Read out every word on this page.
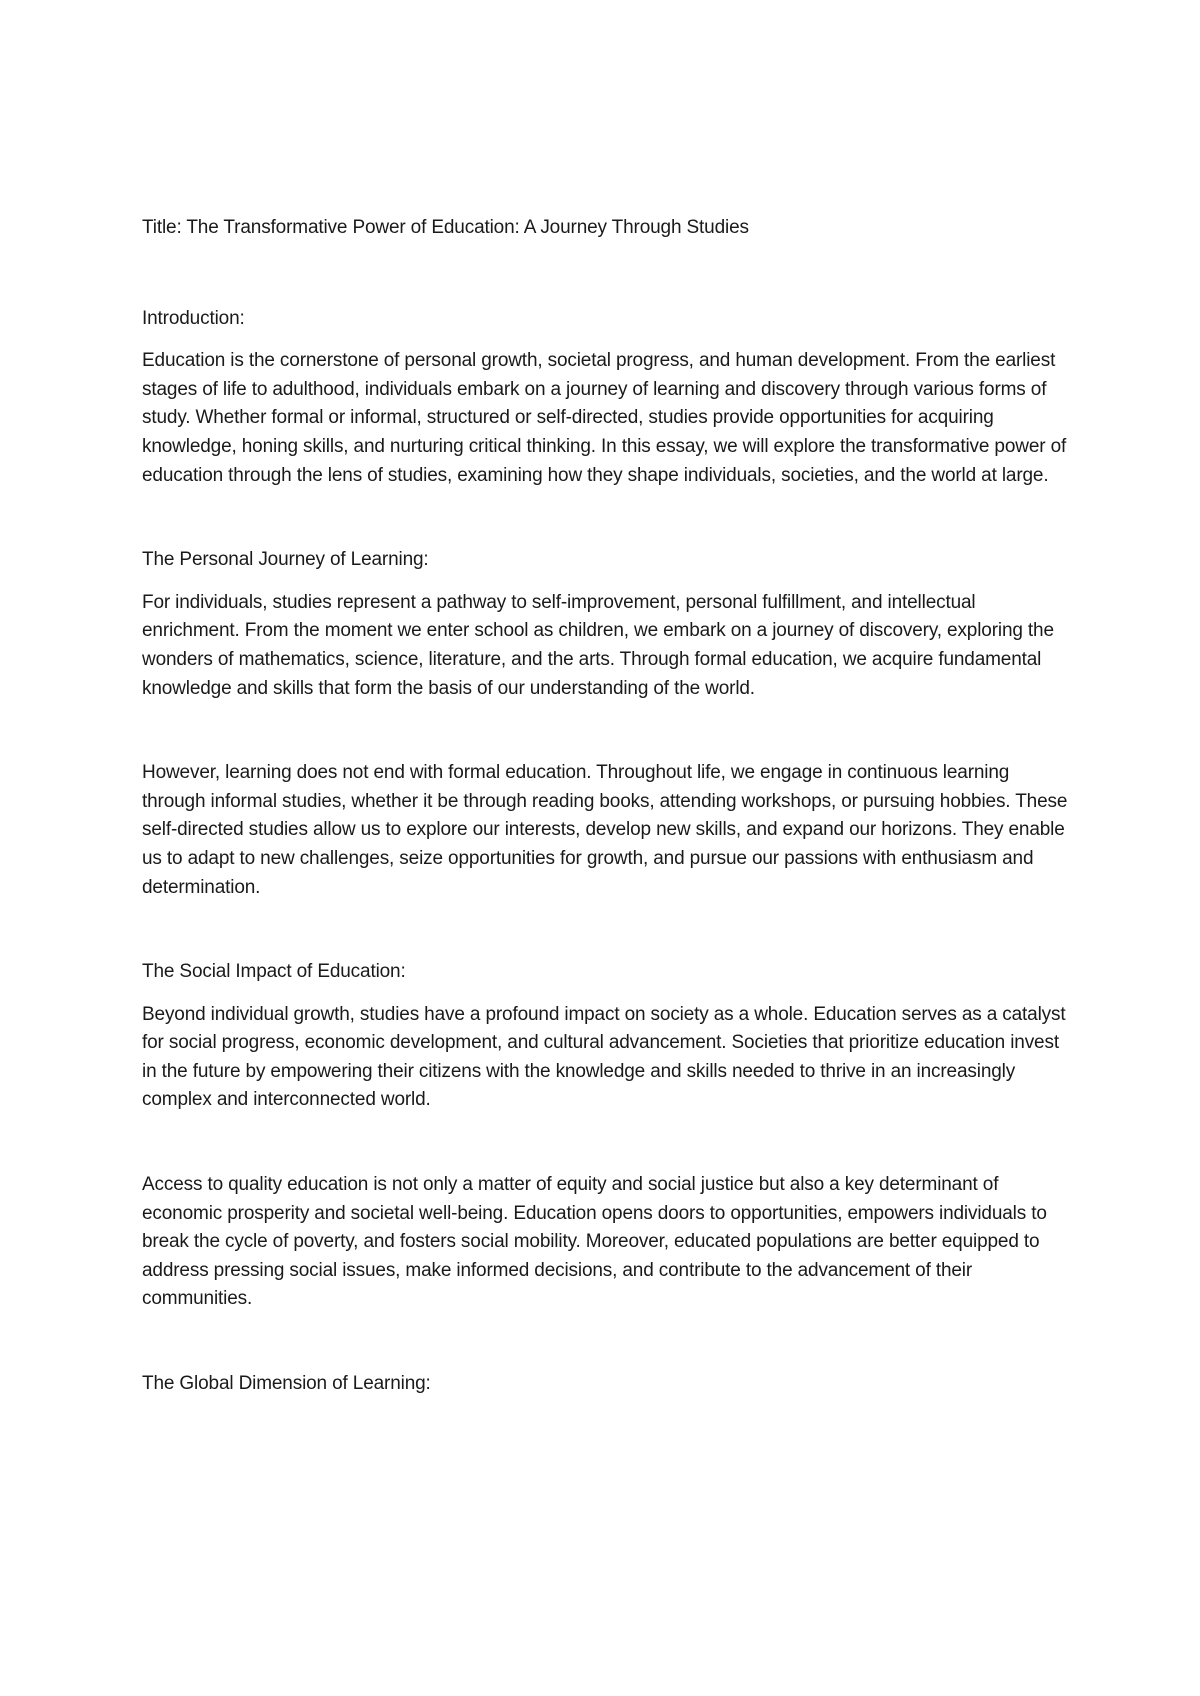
Title: The Transformative Power of Education: A Journey Through Studies

Introduction:

Education is the cornerstone of personal growth, societal progress, and human development. From the earliest stages of life to adulthood, individuals embark on a journey of learning and discovery through various forms of study. Whether formal or informal, structured or self-directed, studies provide opportunities for acquiring knowledge, honing skills, and nurturing critical thinking. In this essay, we will explore the transformative power of education through the lens of studies, examining how they shape individuals, societies, and the world at large.

The Personal Journey of Learning:

For individuals, studies represent a pathway to self-improvement, personal fulfillment, and intellectual enrichment. From the moment we enter school as children, we embark on a journey of discovery, exploring the wonders of mathematics, science, literature, and the arts. Through formal education, we acquire fundamental knowledge and skills that form the basis of our understanding of the world.

However, learning does not end with formal education. Throughout life, we engage in continuous learning through informal studies, whether it be through reading books, attending workshops, or pursuing hobbies. These self-directed studies allow us to explore our interests, develop new skills, and expand our horizons. They enable us to adapt to new challenges, seize opportunities for growth, and pursue our passions with enthusiasm and determination.

The Social Impact of Education:

Beyond individual growth, studies have a profound impact on society as a whole. Education serves as a catalyst for social progress, economic development, and cultural advancement. Societies that prioritize education invest in the future by empowering their citizens with the knowledge and skills needed to thrive in an increasingly complex and interconnected world.

Access to quality education is not only a matter of equity and social justice but also a key determinant of economic prosperity and societal well-being. Education opens doors to opportunities, empowers individuals to break the cycle of poverty, and fosters social mobility. Moreover, educated populations are better equipped to address pressing social issues, make informed decisions, and contribute to the advancement of their communities.

The Global Dimension of Learning:
